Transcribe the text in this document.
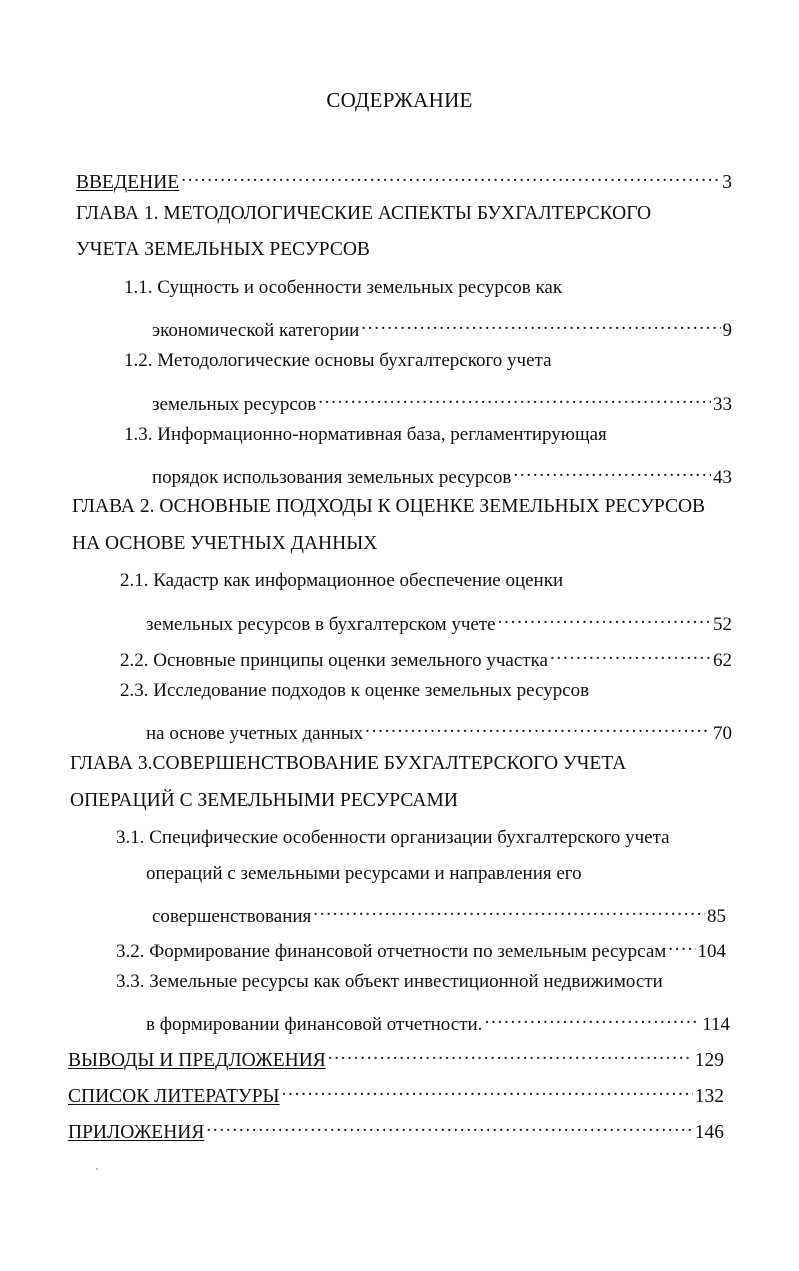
СОДЕРЖАНИЕ
ВВЕДЕНИЕ . . .	3
ГЛАВА 1. МЕТОДОЛОГИЧЕСКИЕ АСПЕКТЫ БУХГАЛТЕРСКОГО
УЧЕТА ЗЕМЕЛЬНЫХ РЕСУРСОВ
1.1. Сущность и особенности земельных ресурсов как
экономической категории . . .	9
1.2. Методологические основы бухгалтерского учета
земельных ресурсов . . .	33
1.3. Информационно-нормативная база, регламентирующая
порядок использования земельных ресурсов . . .	43
ГЛАВА 2. ОСНОВНЫЕ ПОДХОДЫ К ОЦЕНКЕ ЗЕМЕЛЬНЫХ РЕСУРСОВ
НА ОСНОВЕ УЧЕТНЫХ ДАННЫХ
2.1. Кадастр как информационное обеспечение оценки
земельных ресурсов в бухгалтерском учете . . .	52
2.2. Основные принципы оценки земельного участка . . .	62
2.3. Исследование подходов к оценке земельных ресурсов
на основе учетных данных . . .	70
ГЛАВА 3.СОВЕРШЕНСТВОВАНИЕ БУХГАЛТЕРСКОГО УЧЕТА
ОПЕРАЦИЙ С ЗЕМЕЛЬНЫМИ РЕСУРСАМИ
3.1. Специфические особенности организации бухгалтерского учета
операций с земельными ресурсами и направления его
совершенствования . . .	85
3.2. Формирование финансовой отчетности по земельным ресурсам . . . 104
3.3. Земельные ресурсы как объект инвестиционной недвижимости
в формировании финансовой отчетности. . . .	114
ВЫВОДЫ И ПРЕДЛОЖЕНИЯ . . .	129
СПИСОК ЛИТЕРАТУРЫ . . .	132
ПРИЛОЖЕНИЯ . . .	146
